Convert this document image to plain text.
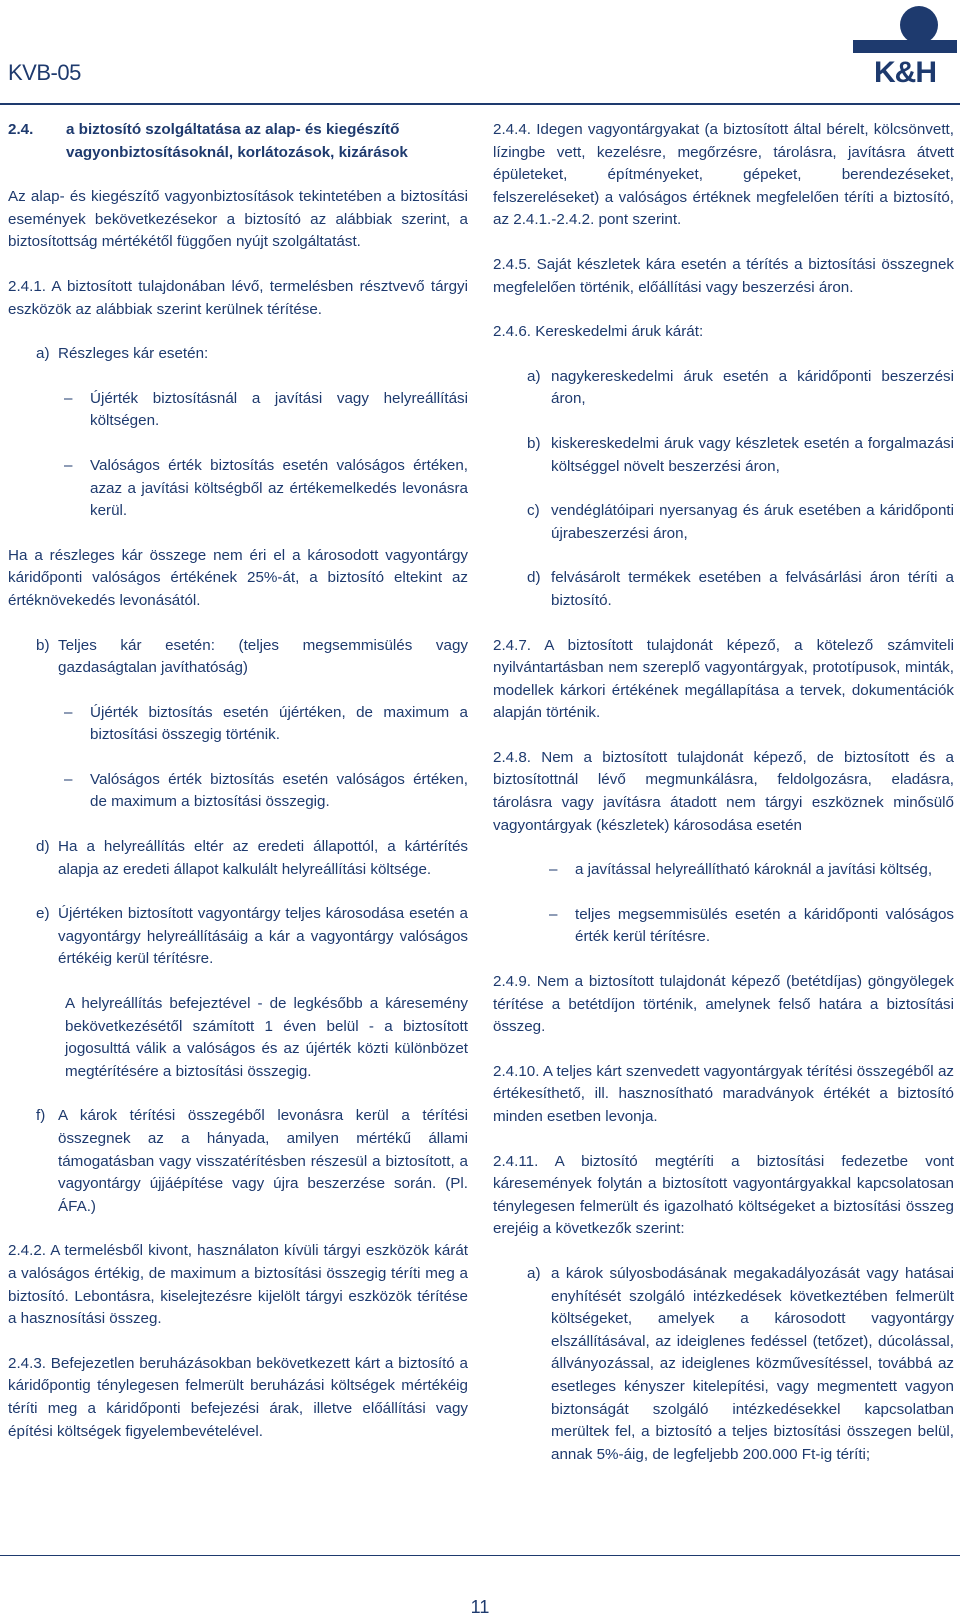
KVB-05	K&H
2.4.	a biztosító szolgáltatása az alap- és kiegészítő vagyonbiztosításoknál, korlátozások, kizárások

Az alap- és kiegészítő vagyonbiztosítások tekintetében a biztosítási események bekövetkezésekor a biztosító az alábbiak szerint, a biztosítottság mértékétől függően nyújt szolgáltatást.

2.4.1. A biztosított tulajdonában lévő, termelésben résztvevő tárgyi eszközök az alábbiak szerint kerülnek térítése.

a) Részleges kár esetén:
–	Újérték biztosításnál a javítási vagy helyreállítási költségen.
–	Valóságos érték biztosítás esetén valóságos értéken, azaz a javítási költségből az értékemelkedés levonásra kerül.

Ha a részleges kár összege nem éri el a károsodott vagyontárgy káridőponti valóságos értékének 25%-át, a biztosító eltekint az értéknövekedés levonásától.

b) Teljes kár esetén: (teljes megsemmisülés vagy gazdaságtalan javíthatóság)
–	Újérték biztosítás esetén újértéken, de maximum a biztosítási összegig történik.
–	Valóságos érték biztosítás esetén valóságos értéken, de maximum a biztosítási összegig.
d) Ha a helyreállítás eltér az eredeti állapottól, a kártérítés alapja az eredeti állapot kalkulált helyreállítási költsége.
e) Újértéken biztosított vagyontárgy teljes károsodása esetén a vagyontárgy helyreállításáig a kár a vagyontárgy valóságos értékéig kerül térítésre.
A helyreállítás befejeztével - de legkésőbb a káresemény bekövetkezésétől számított 1 éven belül - a biztosított jogosulttá válik a valóságos és az újérték közti különbözet megtérítésére a biztosítási összegig.
f) A károk térítési összegéből levonásra kerül a térítési összegnek az a hányada, amilyen mértékű állami támogatásban vagy visszatérítésben részesül a biztosított, a vagyontárgy újjáépítése vagy újra beszerzése során. (Pl. ÁFA.)

2.4.2. A termelésből kivont, használaton kívüli tárgyi eszközök kárát a valóságos értékig, de maximum a biztosítási összegig téríti meg a biztosító. Lebontásra, kiselejtezésre kijelölt tárgyi eszközök térítése a hasznosítási összeg.

2.4.3. Befejezetlen beruházásokban bekövetkezett kárt a biztosító a káridőpontig ténylegesen felmerült beruházási költségek mértékéig téríti meg a káridőponti befejezési árak, illetve előállítási vagy építési költségek figyelembevételével.

2.4.4. Idegen vagyontárgyakat (a biztosított által bérelt, kölcsönvett, lízingbe vett, kezelésre, megőrzésre, tárolásra, javításra átvett épületeket, építményeket, gépeket, berendezéseket, felszereléseket) a valóságos értéknek megfelelően téríti a biztosító, az 2.4.1.-2.4.2. pont szerint.

2.4.5. Saját készletek kára esetén a térítés a biztosítási összegnek megfelelően történik, előállítási vagy beszerzési áron.

2.4.6. Kereskedelmi áruk kárát:

a) nagykereskedelmi áruk esetén a káridőponti beszerzési áron,
b) kiskereskedelmi áruk vagy készletek esetén a forgalmazási költséggel növelt beszerzési áron,
c) vendéglátóipari nyersanyag és áruk esetében a káridőponti újrabeszerzési áron,
d) felvásárolt termékek esetében a felvásárlási áron téríti a biztosító.

2.4.7. A biztosított tulajdonát képező, a kötelező számviteli nyilvántartásban nem szereplő vagyontárgyak, prototípusok, minták, modellek kárkori értékének megállapítása a tervek, dokumentációk alapján történik.

2.4.8. Nem a biztosított tulajdonát képező, de biztosított és a biztosítottnál lévő megmunkálásra, feldolgozásra, eladásra, tárolásra vagy javításra átadott nem tárgyi eszköznek minősülő vagyontárgyak (készletek) károsodása esetén

–	a javítással helyreállítható károknál a javítási költség,
–	teljes megsemmisülés esetén a káridőponti valóságos érték kerül térítésre.

2.4.9. Nem a biztosított tulajdonát képező (betétdíjas) göngyölegek térítése a betétdíjon történik, amelynek felső határa a biztosítási összeg.

2.4.10. A teljes kárt szenvedett vagyontárgyak térítési összegéből az értékesíthető, ill. hasznosítható maradványok értékét a biztosító minden esetben levonja.

2.4.11. A biztosító megtéríti a biztosítási fedezetbe vont káresemények folytán a biztosított vagyontárgyakkal kapcsolatosan ténylegesen felmerült és igazolható költségeket a biztosítási összeg erejéig a következők szerint:

a) a károk súlyosbodásának megakadályozását vagy hatásai enyhítését szolgáló intézkedések következtében felmerült költségeket, amelyek a károsodott vagyontárgy elszállításával, az ideiglenes fedéssel (tetőzet), dúcolással, állványozással, az ideiglenes közművesítéssel, továbbá az esetleges kényszer kitelepítési, vagy megmentett vagyon biztonságát szolgáló intézkedésekkel kapcsolatban merültek fel, a biztosító a teljes biztosítási összegen belül, annak 5%-áig, de legfeljebb 200.000 Ft-ig téríti;
11
